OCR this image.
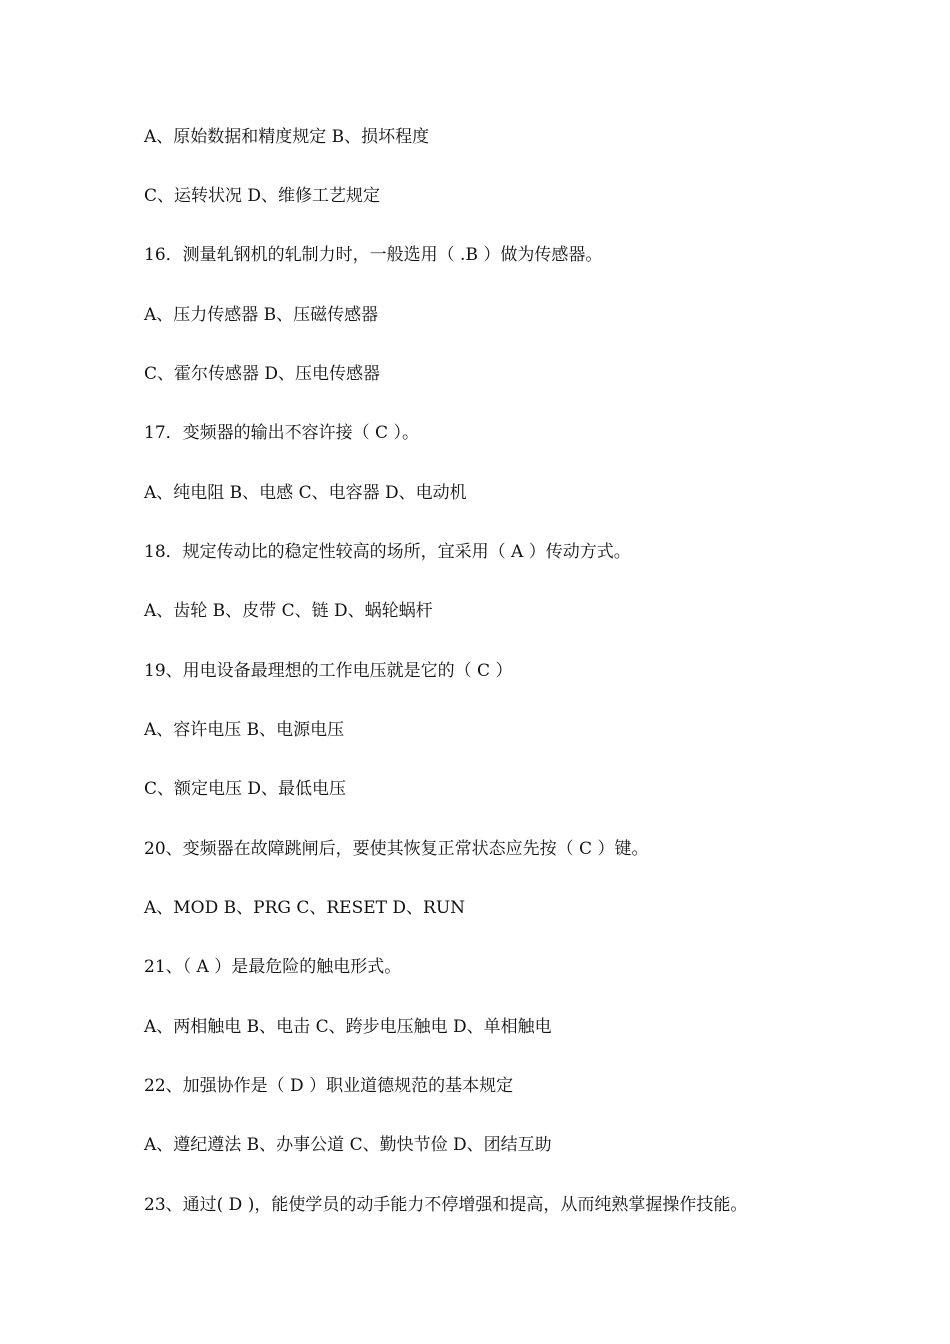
A、原始数据和精度规定 B、损坏程度
C、运转状况 D、维修工艺规定
16．测量轧钢机的轧制力时，一般选用（ .B ）做为传感器。
A、压力传感器 B、压磁传感器
C、霍尔传感器 D、压电传感器
17．变频器的输出不容许接（ C ）。
A、纯电阻 B、电感 C、电容器 D、电动机
18．规定传动比的稳定性较高的场所，宜采用（ A ）传动方式。
A、齿轮 B、皮带 C、链 D、蜗轮蜗杆
19、用电设备最理想的工作电压就是它的（ C ）
A、容许电压 B、电源电压
C、额定电压 D、最低电压
20、变频器在故障跳闸后，要使其恢复正常状态应先按（ C ）键。
A、MOD B、PRG C、RESET D、RUN
21、（ A ）是最危险的触电形式。
A、两相触电 B、电击 C、跨步电压触电 D、单相触电
22、加强协作是（ D ）职业道德规范的基本规定
A、遵纪遵法 B、办事公道 C、勤快节俭 D、团结互助
23、通过( D )，能使学员的动手能力不停增强和提高，从而纯熟掌握操作技能。
